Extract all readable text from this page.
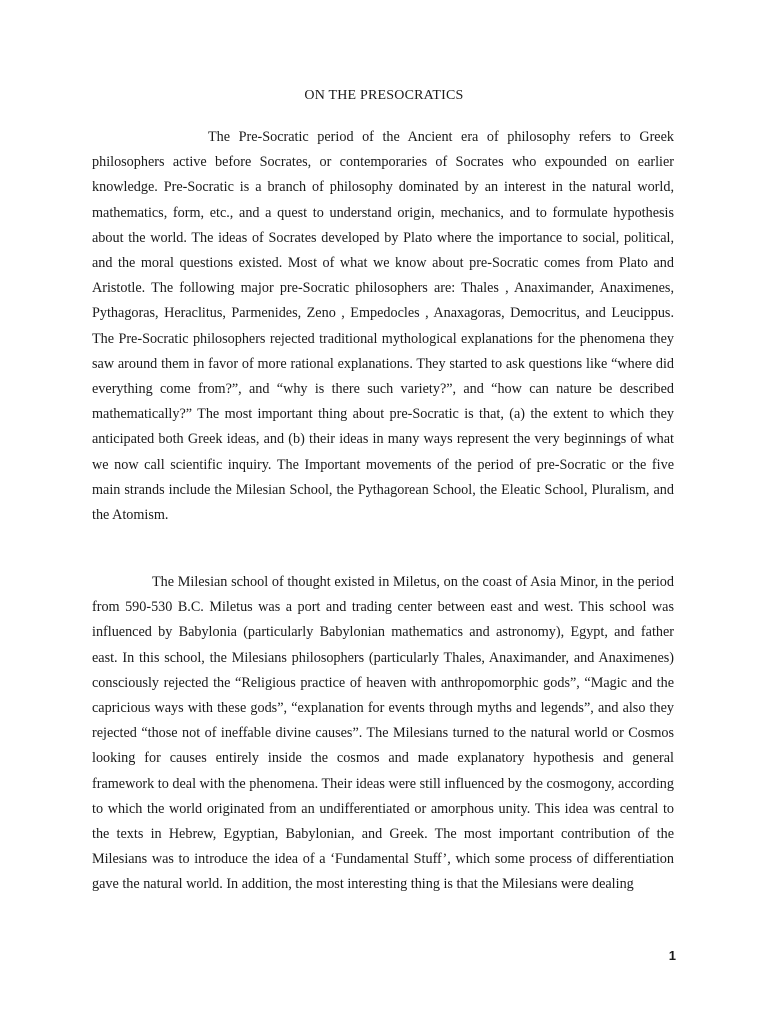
ON THE PRESOCRATICS

The Pre-Socratic period of the Ancient era of philosophy refers to Greek philosophers active before Socrates, or contemporaries of Socrates who expounded on earlier knowledge. Pre-Socratic is a branch of philosophy dominated by an interest in the natural world, mathematics, form, etc., and a quest to understand origin, mechanics, and to formulate hypothesis about the world. The ideas of Socrates developed by Plato where the importance to social, political, and the moral questions existed. Most of what we know about pre-Socratic comes from Plato and Aristotle. The following major pre-Socratic philosophers are: Thales , Anaximander, Anaximenes, Pythagoras, Heraclitus, Parmenides, Zeno , Empedocles , Anaxagoras, Democritus, and Leucippus. The Pre-Socratic philosophers rejected traditional mythological explanations for the phenomena they saw around them in favor of more rational explanations. They started to ask questions like “where did everything come from?”, and “why is there such variety?”, and “how can nature be described mathematically?” The most important thing about pre-Socratic is that, (a) the extent to which they anticipated both Greek ideas, and (b) their ideas in many ways represent the very beginnings of what we now call scientific inquiry. The Important movements of the period of pre-Socratic or the five main strands include the Milesian School, the Pythagorean School, the Eleatic School, Pluralism, and the Atomism.

The Milesian school of thought existed in Miletus, on the coast of Asia Minor, in the period from 590-530 B.C. Miletus was a port and trading center between east and west. This school was influenced by Babylonia (particularly Babylonian mathematics and astronomy), Egypt, and father east. In this school, the Milesians philosophers (particularly Thales, Anaximander, and Anaximenes) consciously rejected the “Religious practice of heaven with anthropomorphic gods”, “Magic and the capricious ways with these gods”, “explanation for events through myths and legends”, and also they rejected “those not of ineffable divine causes”. The Milesians turned to the natural world or Cosmos looking for causes entirely inside the cosmos and made explanatory hypothesis and general framework to deal with the phenomena. Their ideas were still influenced by the cosmogony, according to which the world originated from an undifferentiated or amorphous unity. This idea was central to the texts in Hebrew, Egyptian, Babylonian, and Greek. The most important contribution of the Milesians was to introduce the idea of a ‘Fundamental Stuff’, which some process of differentiation gave the natural world. In addition, the most interesting thing is that the Milesians were dealing

1
